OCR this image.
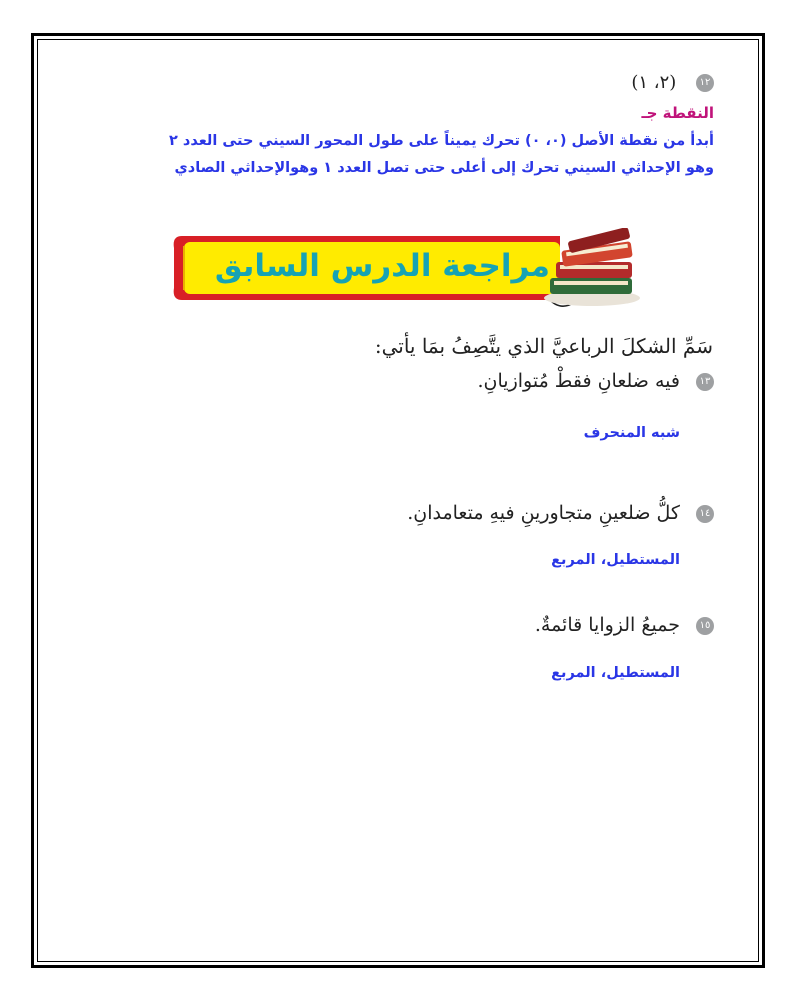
١٢ (٢، ١)
النقطة جـ
أبدأ من نقطة الأصل (٠، ٠) تحرك يميناً على طول المحور السيني حتى العدد ٢
وهو الإحداثي السيني تحرك إلى أعلى حتى تصل العدد ١ وهوالإحداثي الصادي
مراجعة الدرس السابق
سَمِّ الشكلَ الرباعيَّ الذي يتَّصِفُ بمَا يأتي:
١٣ فيه ضلعانِ فقطْ مُتوازيانِ.
شبه المنحرف
١٤ كلُّ ضلعينِ متجاورينِ فيهِ متعامدانِ.
المستطيل، المربع
١٥ جميعُ الزوايا قائمةٌ.
المستطيل، المربع
